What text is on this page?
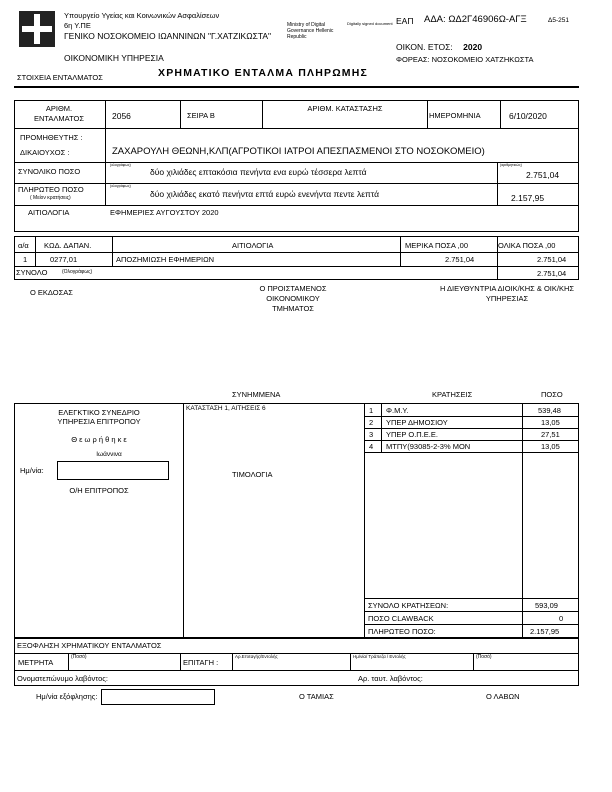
Υπουργείο Υγείας και Κοινωνικών Ασφαλίσεων
6η Υ.ΠΕ
ΓΕΝΙΚΟ ΝΟΣΟΚΟΜΕΙΟ ΙΩΑΝΝΙΝΩΝ "Γ.ΧΑΤΖΙΚΩΣΤΑ"
ΟΙΚΟΝΟΜΙΚΗ ΥΠΗΡΕΣΙΑ
Ministry of Digital Governance Hellenic Republic
Digitally signed document ΕΑΠ ΑΔΑ: ΩΔ2Γ46906Ω-ΑΓΞ	Δ5-251
ΟΙΚΟΝ. ΕΤΟΣ: 2020
ΦΟΡΕΑΣ: ΝΟΣΟΚΟΜΕΙΟ ΧΑΤΖΗΚΩΣΤΑ
ΣΤΟΙΧΕΙΑ ΕΝΤΑΛΜΑΤΟΣ	ΧΡΗΜΑΤΙΚΟ ΕΝΤΑΛΜΑ ΠΛΗΡΩΜΗΣ
ΑΡΙΘΜ. ΕΝΤΑΛΜΑΤΟΣ	2056	ΣΕΙΡΑ Β
ΑΡΙΘΜ. ΚΑΤΑΣΤΑΣΗΣ
ΗΜΕΡΟΜΗΝΙΑ	6/10/2020
ΠΡΟΜΗΘΕΥΤΗΣ :
ΔΙΚΑΙΟΥΧΟΣ :	ΖΑΧΑΡΟΥΛΗ ΘΕΩΝΗ,ΚΛΠ(ΑΓΡΟΤΙΚΟΙ ΙΑΤΡΟΙ ΑΠΕΣΠΑΣΜΕΝΟΙ ΣΤΟ ΝΟΣΟΚΟΜΕΙΟ)
ΣΥΝΟΛΙΚΟ ΠΟΣΟ
(ολογράφως)
δύο χιλιάδες επτακόσια πενήντα ενα ευρώ τέσσερα λεπτά
(αριθμητικώς)
2.751,04
ΠΛΗΡΩΤΕΟ ΠΟΣΟ
( Μείον κρατήσεις)
(ολογράφως)
δύο χιλιάδες εκατό πενήντα επτά ευρώ ενενήντα πεντε λεπτά	2.157,95
ΑΙΤΙΟΛΟΓΙΑ	ΕΦΗΜΕΡΙΕΣ ΑΥΓΟΥΣΤΟΥ 2020
α/α ΚΩΔ. ΔΑΠΑΝ.	ΑΙΤΙΟΛΟΓΙΑ	ΜΕΡΙΚΑ ΠΟΣΑ ,00	ΟΛΙΚΑ ΠΟΣΑ ,00
1	0277,01	ΑΠΟΖΗΜΙΩΣΗ ΕΦΗΜΕΡΙΩΝ	2.751,04	2.751,04
ΣΥΝΟΛΟ	(Ολογράφως)	2.751,04
Ο ΕΚΔΟΣΑΣ	Ο ΠΡΟΙΣΤΑΜΕΝΟΣ ΟΙΚΟΝΟΜΙΚΟΥ ΤΜΗΜΑΤΟΣ
Η ΔΙΕΥΘΥΝΤΡΙΑ ΔΙΟΙΚ/ΚΗΣ & ΟΙΚ/ΚΗΣ ΥΠΗΡΕΣΙΑΣ
ΣΥΝΗΜΜΕΝΑ	ΚΡΑΤΗΣΕΙΣ	ΠΟΣΟ
ΕΛΕΓΚΤΙΚΟ ΣΥΝΕΔΡΙΟ
ΥΠΗΡΕΣΙΑ ΕΠΙΤΡΟΠΟΥ
Θ ε ω ρ ή θ η κ ε
Ιωάννινα
Ημ/νία:
Ο/Η ΕΠΙΤΡΟΠΟΣ
ΚΑΤΑΣΤΑΣΗ 1, ΑΙΤΗΣΕΙΣ 6
ΤΙΜΟΛΟΓΙΑ
1 Φ.Μ.Υ.	539,48
2 ΥΠΕΡ ΔΗΜΟΣΙΟΥ	13,05
3 ΥΠΕΡ Ο.Π.Ε.Ε.	27,51
4 ΜΤΠΥ(93085-2-3% ΜΟΝ	13,05
ΣΥΝΟΛΟ ΚΡΑΤΗΣΕΩΝ:	593,09
ΠΟΣΟ CLAWBACK	0
ΠΛΗΡΩΤΕΟ ΠΟΣΟ:	2.157,95
ΕΞΟΦΛΗΣΗ ΧΡΗΜΑΤΙΚΟΥ ΕΝΤΑΛΜΑΤΟΣ
ΜΕΤΡΗΤΑ
(Ποσό)
ΕΠΙΤΑΓΗ :
Αρ.Επιταγής/Εντολής	Ημ/νία/ Τράπεζα / Εντολής	(Ποσό)
Ονοματεπώνυμο λαβόντος:	Αρ. ταυτ. λαβόντος:
Ημ/νία εξόφλησης:	Ο ΤΑΜΙΑΣ	Ο ΛΑΒΩΝ
